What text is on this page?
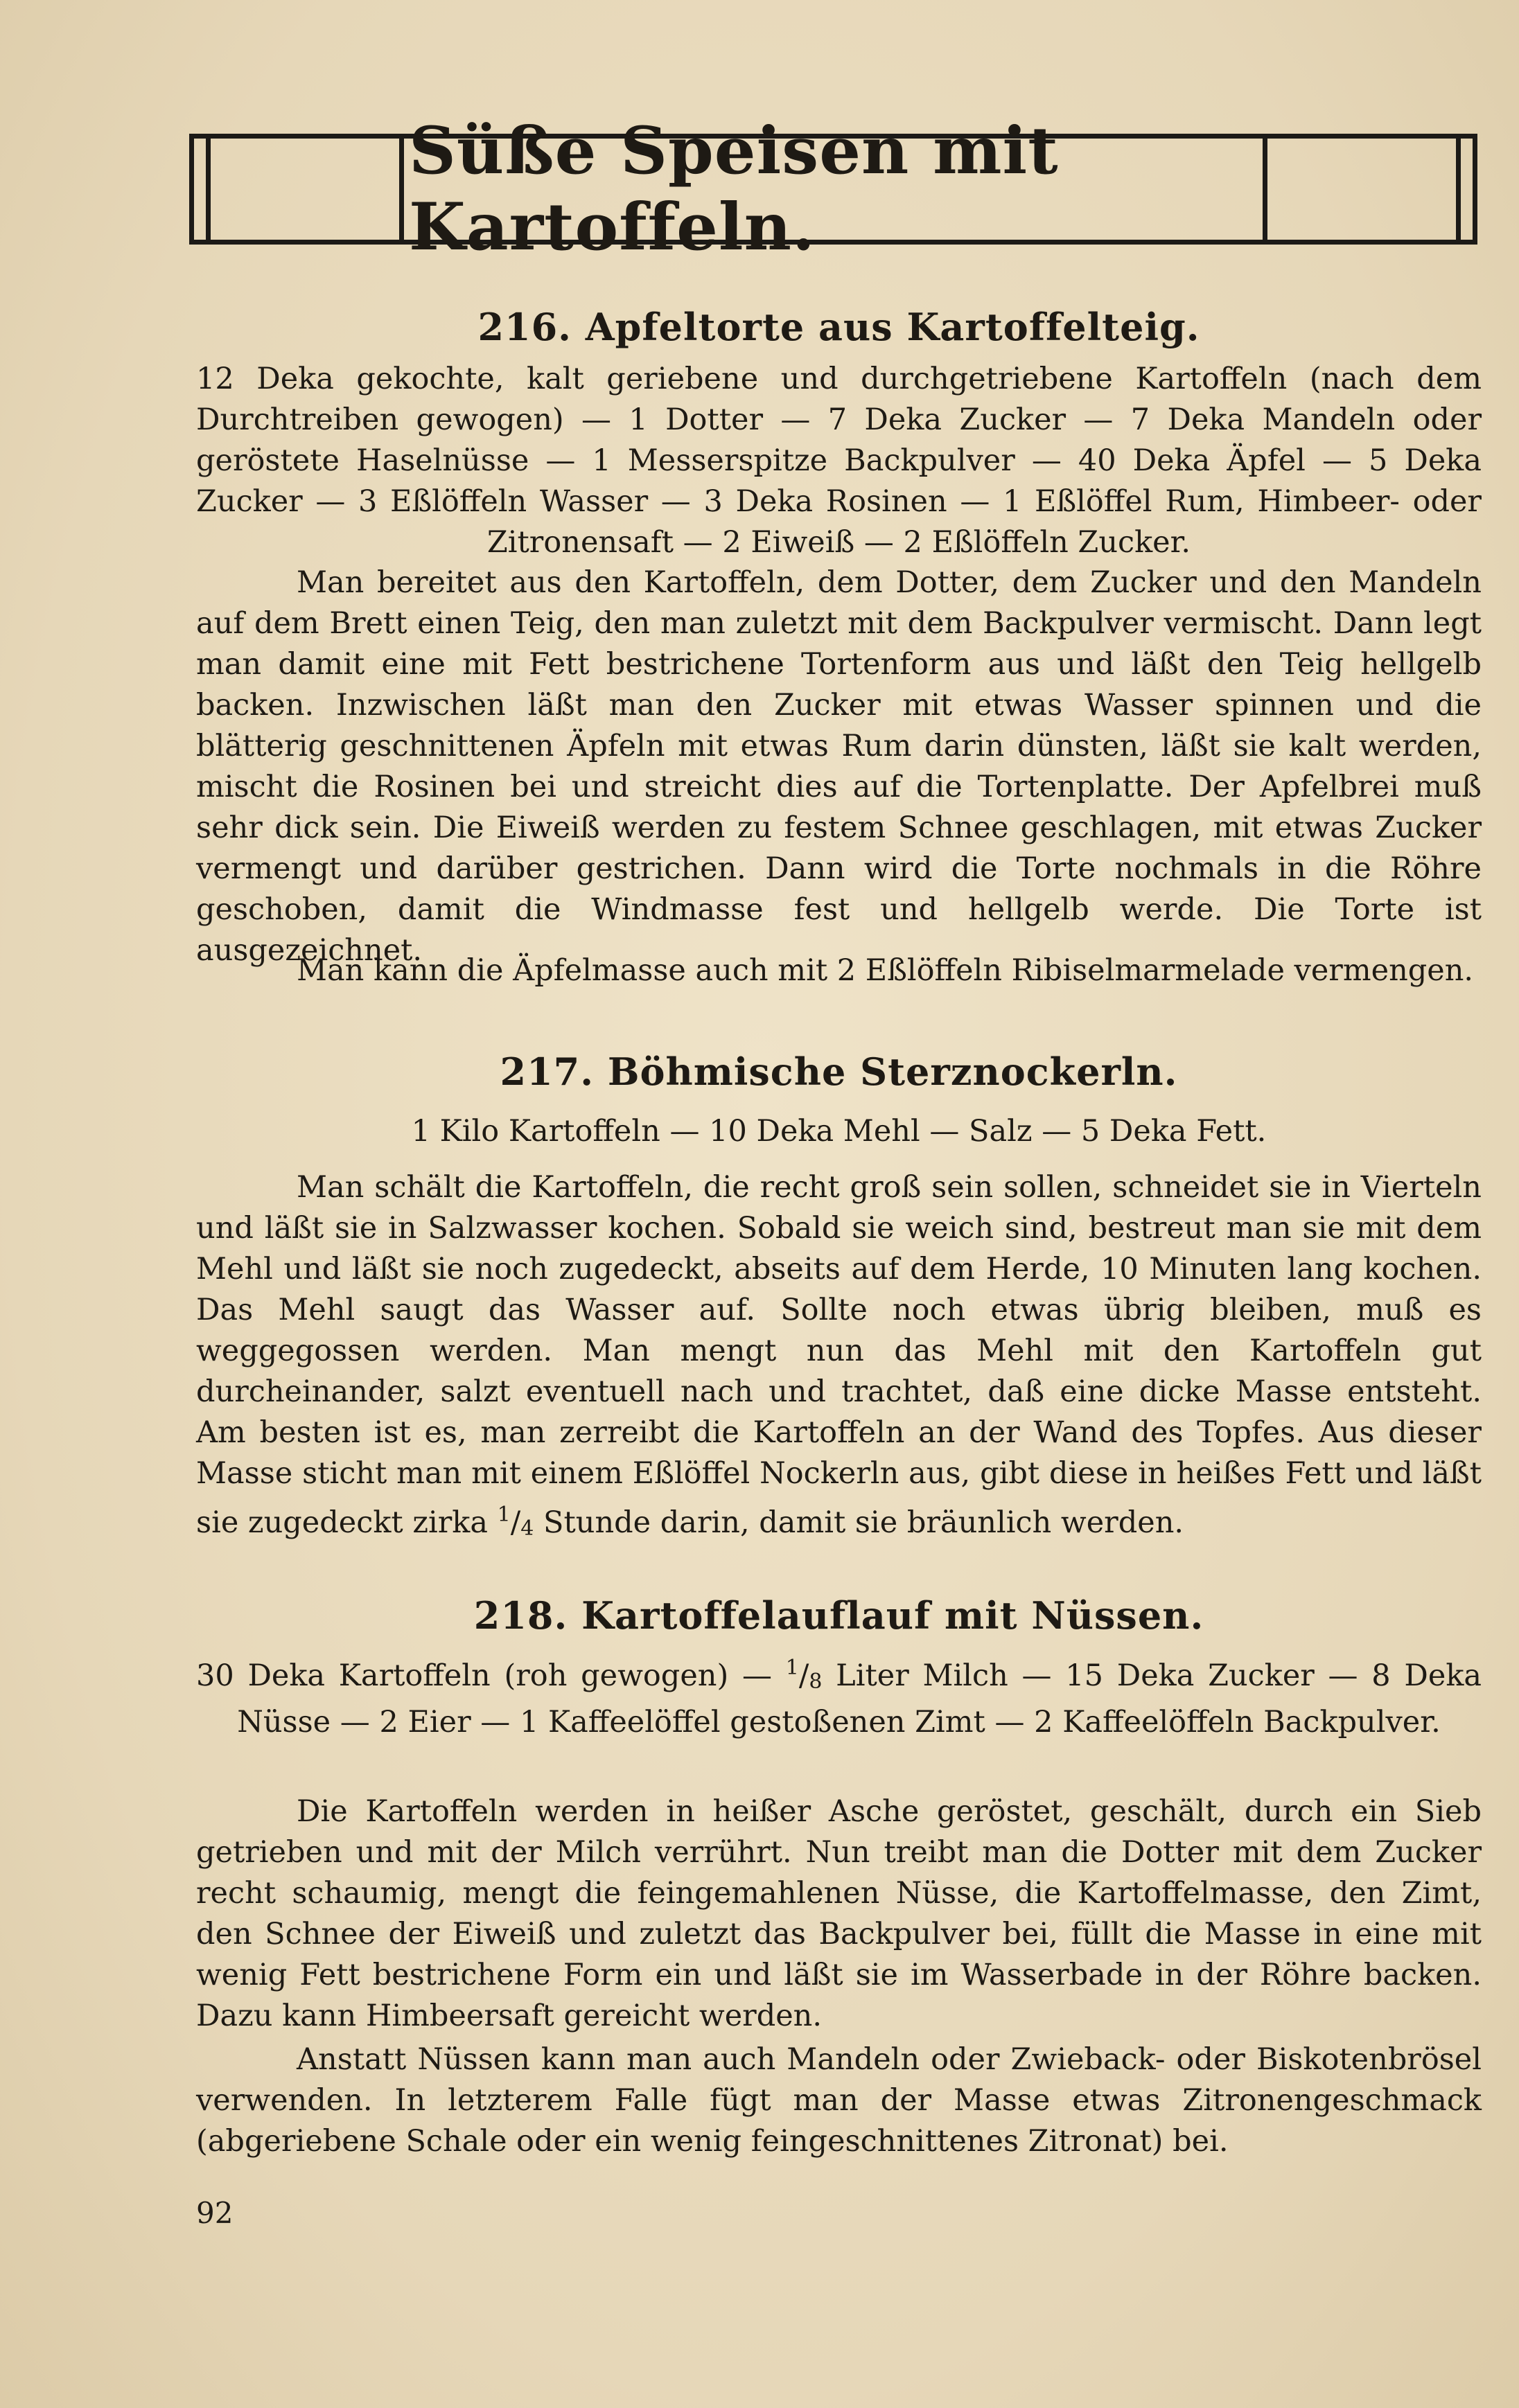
Süße Speisen mit Kartoffeln.
216. Apfeltorte aus Kartoffelteig.

12 Deka gekochte, kalt geriebene und durchgetriebene Kartoffeln (nach dem Durchtreiben gewogen) — 1 Dotter — 7 Deka Zucker — 7 Deka Mandeln oder geröstete Haselnüsse — 1 Messerspitze Backpulver — 40 Deka Äpfel — 5 Deka Zucker — 3 Eßlöffeln Wasser — 3 Deka Rosinen — 1 Eßlöffel Rum, Himbeer- oder Zitronensaft — 2 Eiweiß — 2 Eßlöffeln Zucker.

Man bereitet aus den Kartoffeln, dem Dotter, dem Zucker und den Mandeln auf dem Brett einen Teig, den man zuletzt mit dem Backpulver vermischt. Dann legt man damit eine mit Fett bestrichene Tortenform aus und läßt den Teig hellgelb backen. Inzwischen läßt man den Zucker mit etwas Wasser spinnen und die blätterig geschnittenen Äpfeln mit etwas Rum darin dünsten, läßt sie kalt werden, mischt die Rosinen bei und streicht dies auf die Tortenplatte. Der Apfelbrei muß sehr dick sein. Die Eiweiß werden zu festem Schnee geschlagen, mit etwas Zucker vermengt und darüber gestrichen. Dann wird die Torte nochmals in die Röhre geschoben, damit die Windmasse fest und hellgelb werde. Die Torte ist ausgezeichnet.

Man kann die Äpfelmasse auch mit 2 Eßlöffeln Ribiselmarmelade vermengen.

217. Böhmische Sterznockerln.

1 Kilo Kartoffeln — 10 Deka Mehl — Salz — 5 Deka Fett.

Man schält die Kartoffeln, die recht groß sein sollen, schneidet sie in Vierteln und läßt sie in Salzwasser kochen. Sobald sie weich sind, bestreut man sie mit dem Mehl und läßt sie noch zugedeckt, abseits auf dem Herde, 10 Minuten lang kochen. Das Mehl saugt das Wasser auf. Sollte noch etwas übrig bleiben, muß es weggegossen werden. Man mengt nun das Mehl mit den Kartoffeln gut durcheinander, salzt eventuell nach und trachtet, daß eine dicke Masse entsteht. Am besten ist es, man zerreibt die Kartoffeln an der Wand des Topfes. Aus dieser Masse sticht man mit einem Eßlöffel Nockerln aus, gibt diese in heißes Fett und läßt sie zugedeckt zirka $^1$/4 Stunde darin, damit sie bräunlich werden.

218. Kartoffelauflauf mit Nüssen.

30 Deka Kartoffeln (roh gewogen) — $^1$/8 Liter Milch — 15 Deka Zucker — 8 Deka Nüsse — 2 Eier — 1 Kaffeelöffel gestoßenen Zimt — 2 Kaffeelöffeln Backpulver.

Die Kartoffeln werden in heißer Asche geröstet, geschält, durch ein Sieb getrieben und mit der Milch verrührt. Nun treibt man die Dotter mit dem Zucker recht schaumig, mengt die feingemahlenen Nüsse, die Kartoffelmasse, den Zimt, den Schnee der Eiweiß und zuletzt das Backpulver bei, füllt die Masse in eine mit wenig Fett bestrichene Form ein und läßt sie im Wasserbade in der Röhre backen. Dazu kann Himbeersaft gereicht werden.

Anstatt Nüssen kann man auch Mandeln oder Zwieback- oder Biskotenbrösel verwenden. In letzterem Falle fügt man der Masse etwas Zitronengeschmack (abgeriebene Schale oder ein wenig feingeschnittenes Zitronat) bei.

92
